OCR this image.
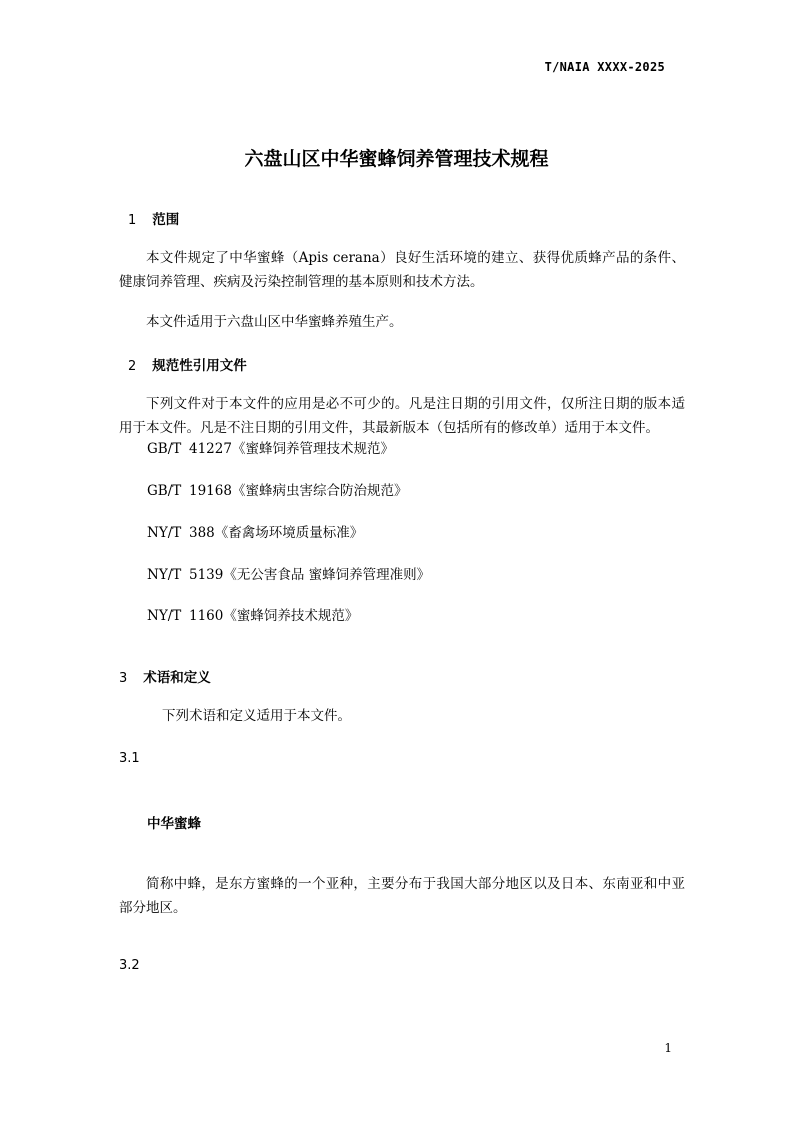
T/NAIA XXXX-2025
六盘山区中华蜜蜂饲养管理技术规程
1 范围
本文件规定了中华蜜蜂（Apis cerana）良好生活环境的建立、获得优质蜂产品的条件、健康饲养管理、疾病及污染控制管理的基本原则和技术方法。
本文件适用于六盘山区中华蜜蜂养殖生产。
2 规范性引用文件
下列文件对于本文件的应用是必不可少的。凡是注日期的引用文件，仅所注日期的版本适用于本文件。凡是不注日期的引用文件，其最新版本（包括所有的修改单）适用于本文件。
GB/T 41227《蜜蜂饲养管理技术规范》
GB/T 19168《蜜蜂病虫害综合防治规范》
NY/T 388《畜禽场环境质量标准》
NY/T 5139《无公害食品 蜜蜂饲养管理准则》
NY/T 1160《蜜蜂饲养技术规范》
3 术语和定义
下列术语和定义适用于本文件。
3.1
中华蜜蜂
简称中蜂，是东方蜜蜂的一个亚种，主要分布于我国大部分地区以及日本、东南亚和中亚部分地区。
3.2
1
